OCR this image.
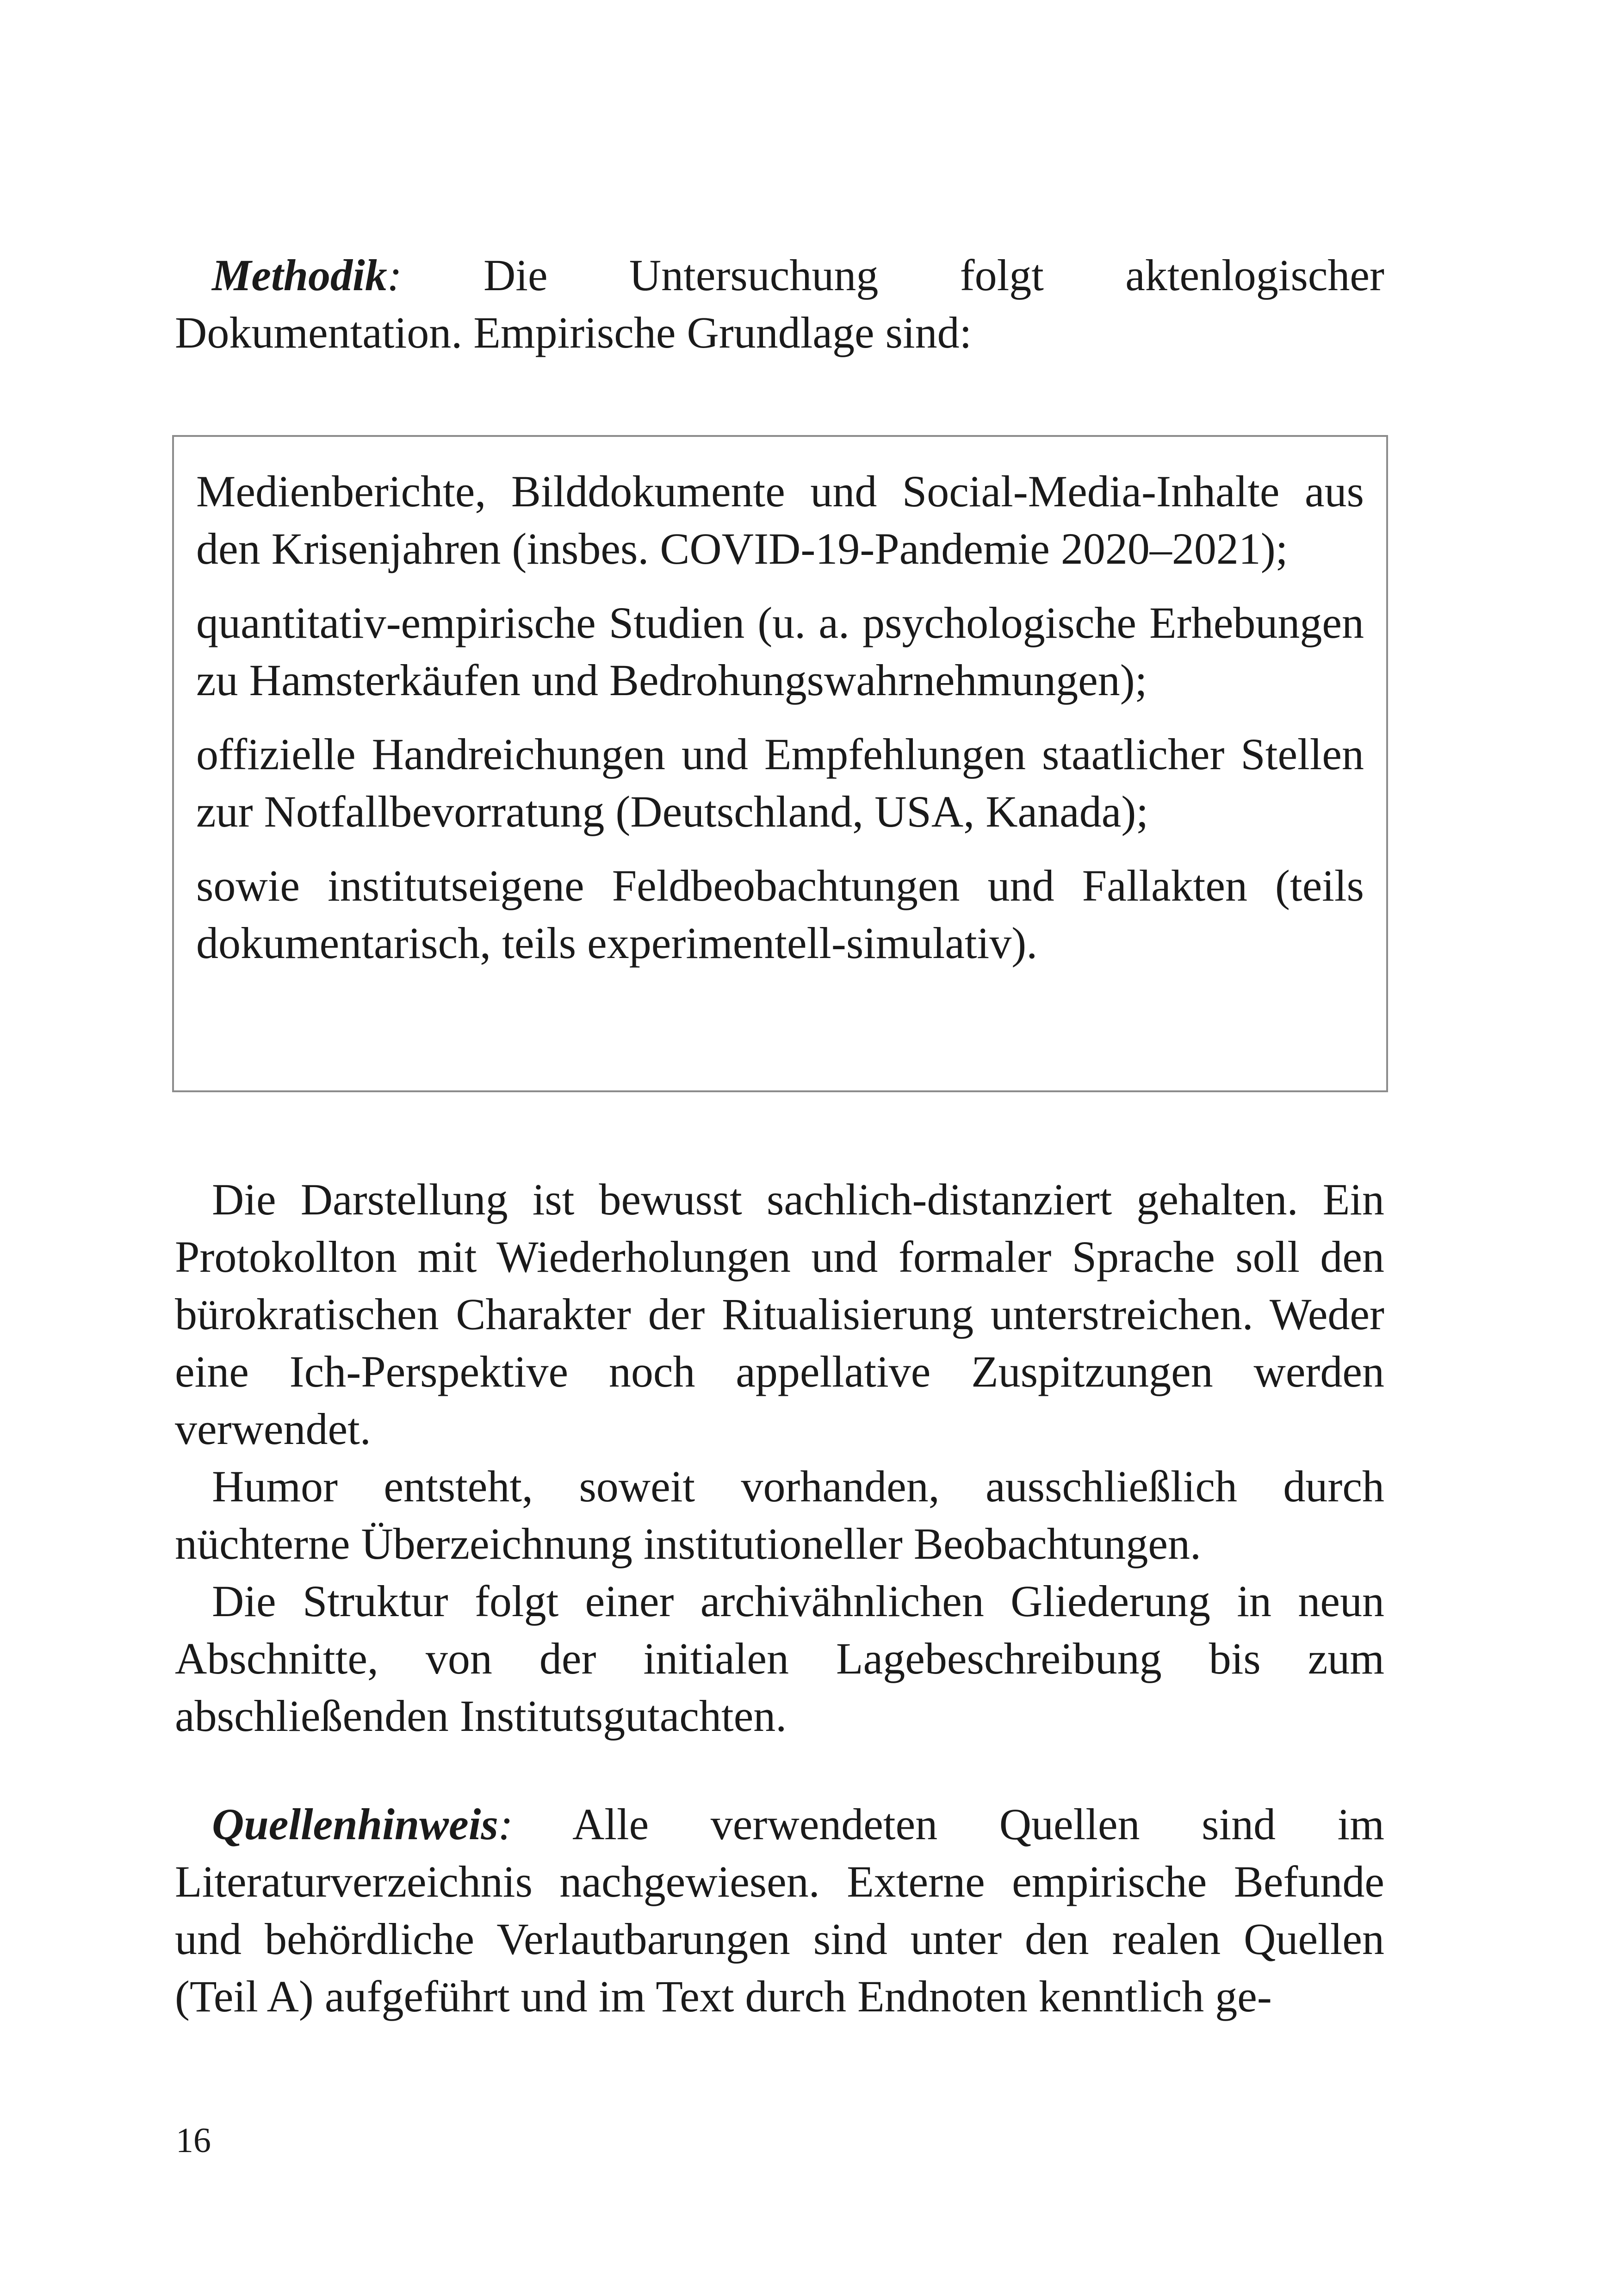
Methodik: Die Untersuchung folgt aktenlogischer Dokumentation. Empirische Grundlage sind:

Medienberichte, Bilddokumente und Social-Media-Inhalte aus den Krisenjahren (insbes. COVID-19-Pandemie 2020–2021);
quantitativ-empirische Studien (u. a. psychologische Erhebungen zu Hamsterkäufen und Bedrohungswahrnehmungen);
offizielle Handreichungen und Empfehlungen staatlicher Stellen zur Notfallbevorratung (Deutschland, USA, Kanada);
sowie institutseigene Feldbeobachtungen und Fallakten (teils dokumentarisch, teils experimentell-simulativ).

Die Darstellung ist bewusst sachlich-distanziert gehalten. Ein Protokollton mit Wiederholungen und formaler Sprache soll den bürokratischen Charakter der Ritualisierung unterstreichen. Weder eine Ich-Perspektive noch appellative Zuspitzungen werden verwendet.

Humor entsteht, soweit vorhanden, ausschließlich durch nüchterne Überzeichnung institutioneller Beobachtungen.

Die Struktur folgt einer archivähnlichen Gliederung in neun Abschnitte, von der initialen Lagebeschreibung bis zum abschließenden Institutsgutachten.

Quellenhinweis: Alle verwendeten Quellen sind im Literaturverzeichnis nachgewiesen. Externe empirische Befunde und behördliche Verlautbarungen sind unter den realen Quellen (Teil A) aufgeführt und im Text durch Endnoten kenntlich ge-

16
